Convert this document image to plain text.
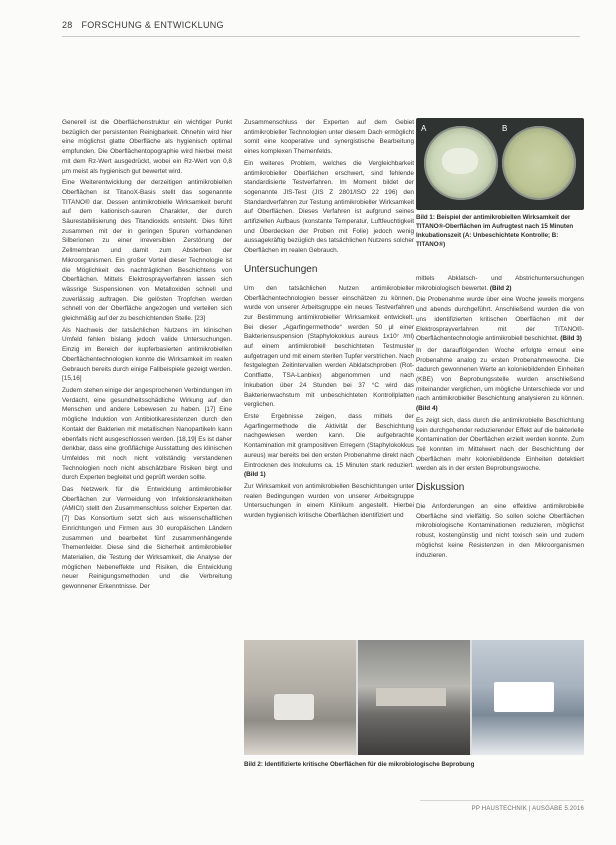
28 FORSCHUNG & ENTWICKLUNG

Generell ist die Oberflächenstruktur ein wichtiger Punkt bezüglich der persistenten Reinigbarkeit. Ohnehin wird hier eine möglichst glatte Oberfläche als hygienisch optimal empfunden. Die Oberflächentopographie wird hierbei meist mit dem Rz-Wert ausgedrückt, wobei ein Rz-Wert von 0,8 µm meist als hygienisch gut bewertet wird.

Eine Weiterentwicklung der derzeitigen antimikrobiellen Oberflächen ist TitanoX-Basis stellt das sogenannte TITANO® dar. Dessen antimikrobielle Wirksamkeit beruht auf dem kationisch-sauren Charakter, der durch Säurestabilisierung des Titandioxids entsteht. Dies führt zusammen mit der in geringen Spuren vorhandenen Silberionen zu einer irreversiblen Zerstörung der Zellmembran und damit zum Absterben der Mikroorganismen. Ein großer Vorteil dieser Technologie ist die Möglichkeit des nachträglichen Beschichtens von Oberflächen. Mittels Elektrosprayverfahren lassen sich wässrige Suspensionen von Metalloxiden schnell und zuverlässig auftragen. Die gelösten Tropfchen werden schnell von der Oberfläche angezogen und verteilen sich gleichmäßig auf der zu beschichtenden Stelle. [23]

Als Nachweis der tatsächlichen Nutzens im klinischen Umfeld fehlen bislang jedoch valide Untersuchungen. Einzig im Bereich der kupferbasierten antimikrobiellen Oberflächentechnologien konnte die Wirksamkeit im realen Gebrauch bereits durch einige Fallbeispiele gezeigt werden. [15,16]

Zudem stehen einige der angesprochenen Verbindungen im Verdacht, eine gesundheitsschädliche Wirkung auf den Menschen und andere Lebewesen zu haben. [17] Eine mögliche Induktion von Antibiotikaresistenzen durch den Kontakt der Bakterien mit metallischen Nanopartikeln kann ebenfalls nicht ausgeschlossen werden. [18,19] Es ist daher denkbar, dass eine großflächige Ausstattung des klinischen Umfeldes mit noch nicht vollständig verstandenen Technologien noch nicht abschätzbare Risiken birgt und durch Experten begleitet und geprüft werden sollte.

Das Netzwerk für die Entwicklung antimikrobieller Oberflächen zur Vermeidung von Infektionskrankheiten (AMICI) stellt den Zusammenschluss solcher Experten dar. [7] Das Konsortium setzt sich aus wissenschaftlichen Einrichtungen und Firmen aus 30 europäischen Ländern zusammen und bearbeitet fünf zusammenhängende Themenfelder. Diese sind die Sicherheit antimikrobieller Materialien, die Testung der Wirksamkeit, die Analyse der möglichen Nebeneffekte und Risiken, die Entwicklung neuer Reinigungsmethoden und die Verbreitung gewonnener Erkenntnisse. Der

Zusammenschluss der Experten auf dem Gebiet antimikrobieller Technologien unter diesem Dach ermöglicht somit eine kooperative und synergistische Bearbeitung eines komplexen Themenfelds.

Ein weiteres Problem, welches die Vergleichbarkeit antimikrobieller Oberflächen erschwert, sind fehlende standardisierte Testverfahren. Im Moment bildet der sogenannte JIS-Test (JIS Z 2801/ISO 22 196) den Standardverfahren zur Testung antimikrobieller Wirksamkeit auf Oberflächen. Dieses Verfahren ist aufgrund seines artifiziellen Aufbaus (konstante Temperatur, Luftfeuchtigkeit und Überdecken der Proben mit Folie) jedoch wenig aussagekräftig bezüglich des tatsächlichen Nutzens solcher Oberflächen im realen Gebrauch.

Untersuchungen

Um den tatsächlichen Nutzen antimikrobieller Oberflächentechnologien besser einschätzen zu können, wurde von unserer Arbeitsgruppe ein neues Testverfahren zur Bestimmung antimikrobieller Wirksamkeit entwickelt. Bei dieser „Agarfingermethode“ werden 50 µl einer Bakteriensuspension (Staphylokokkus aureus 1x10⁷ /ml) auf einem antimikrobiell beschichteten Testmuster aufgetragen und mit einem sterilen Tupfer verstrichen. Nach festgelegten Zeitintervallen werden Abklatschproben (Rot-Contflatte, TSA-Lanbiex) abgenommen und nach Inkubation über 24 Stunden bei 37 °C wird das Bakterienwachstum mit unbeschichteten Kontrollplatten verglichen.

Erste Ergebnisse zeigen, dass mittels der Agarfingermethode die Aktivität der Beschichtung nachgewiesen werden kann. Die aufgebrachte Kontamination mit grampositiven Erregern (Staphylokokkus aureus) war bereits bei den ersten Probenahme direkt nach Eintrocknen des Inokulums ca. 15 Minuten stark reduziert. (Bild 1)

Zur Wirksamkeit von antimikrobiellen Beschichtungen unter realen Bedingungen wurden von unserer Arbeitsgruppe Untersuchungen in einem Klinikum angestellt. Hierbei wurden hygienisch kritische Oberflächen identifiziert und

A	B
Bild 1: Beispiel der antimikrobiellen Wirksamkeit der TITANO®-Oberflächen im Aufrugtest nach 15 Minuten Inkubationszeit (A: Unbeschichtete Kontrolle; B: TITANO®)

mittels Abklatsch- und Abstrichuntersuchungen mikrobiologisch bewertet. (Bild 2)

Die Probenahme wurde über eine Woche jeweils morgens und abends durchgeführt. Anschließend wurden die von uns identifizierten kritischen Oberflächen mit der Elektrosprayverfahren mit der TITANO®-Oberflächentechnologie antimikrobiell beschichtet. (Bild 3)

In der darauffolgenden Woche erfolgte erneut eine Probenahme analog zu ersten Probenahmewoche. Die dadurch gewonnenen Werte an koloniebildenden Einheiten (KBE) von Beprobungsstelle wurden anschließend miteinander verglichen, um mögliche Unterschiede vor und nach antimikrobieller Beschichtung analysieren zu können. (Bild 4)

Es zeigt sich, dass durch die antimikrobielle Beschichtung kein durchgehender reduzierender Effekt auf die bakterielle Kontamination der Oberflächen erzielt werden konnte. Zum Teil konnten im Mittelwert nach der Beschichtung der Oberflächen mehr koloniebildende Einheiten detektiert werden als in der ersten Beprobungswoche.

Diskussion

Die Anforderungen an eine effektive antimikrobielle Oberfläche sind vielfältig. So sollen solche Oberflächen mikrobiologische Kontaminationen reduzieren, möglichst robust, kostengünstig und nicht toxisch sein und zudem möglichst keine Resistenzen in den Mikroorganismen induzieren.

Bild 2: Identifizierte kritische Oberflächen für die mikrobiologische Beprobung
PP HAUSTECHNIK | AUSGABE 5.2016
